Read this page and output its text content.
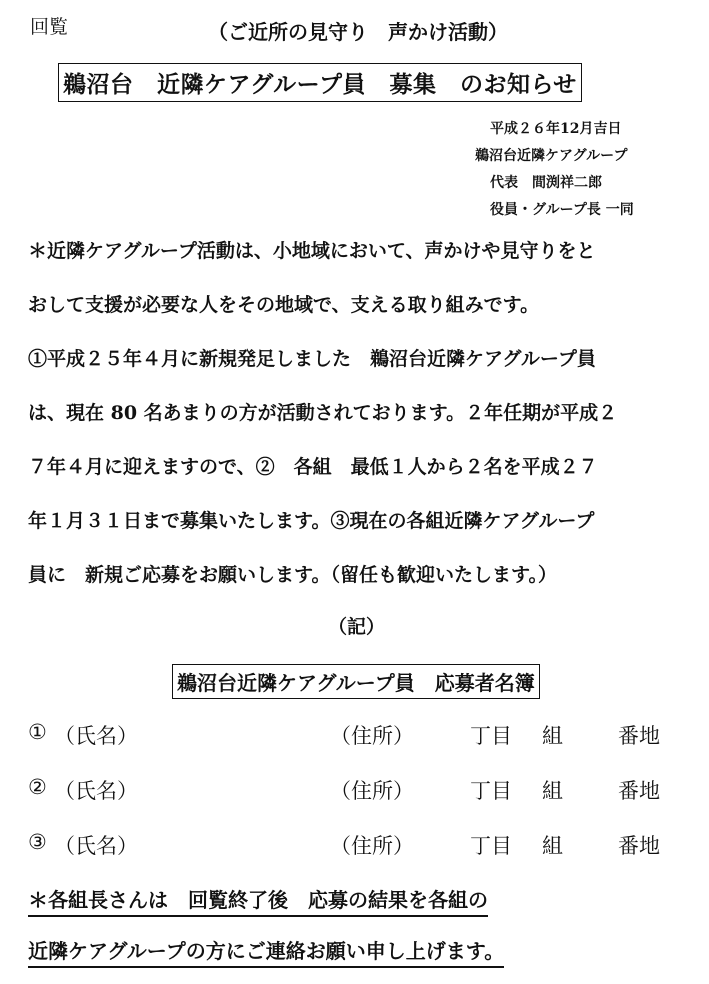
回覧	（ご近所の見守り　声かけ活動）
鵜沼台　近隣ケアグループ員　募集　のお知らせ
平成２６年12月吉日
鵜沼台近隣ケアグループ
代表　間渕祥二郎
役員・グループ長 一同
＊近隣ケアグループ活動は、小地域において、声かけや見守りをと
おして支援が必要な人をその地域で、支える取り組みです。
①平成２５年４月に新規発足しました　鵜沼台近隣ケアグループ員
は、現在 80 名あまりの方が活動されております。２年任期が平成２
７年４月に迎えますので、②　各組　最低１人から２名を平成２７
年１月３１日まで募集いたします。③現在の各組近隣ケアグループ
員に　新規ご応募をお願いします。（留任も歓迎いたします。）
（記）
鵜沼台近隣ケアグループ員　応募者名簿
① （氏名）	（住所）	丁目 組	番地
② （氏名）	（住所）	丁目 組	番地
③ （氏名）	（住所）	丁目 組	番地
＊各組長さんは　回覧終了後　応募の結果を各組の
近隣ケアグループの方にご連絡お願い申し上げます。
